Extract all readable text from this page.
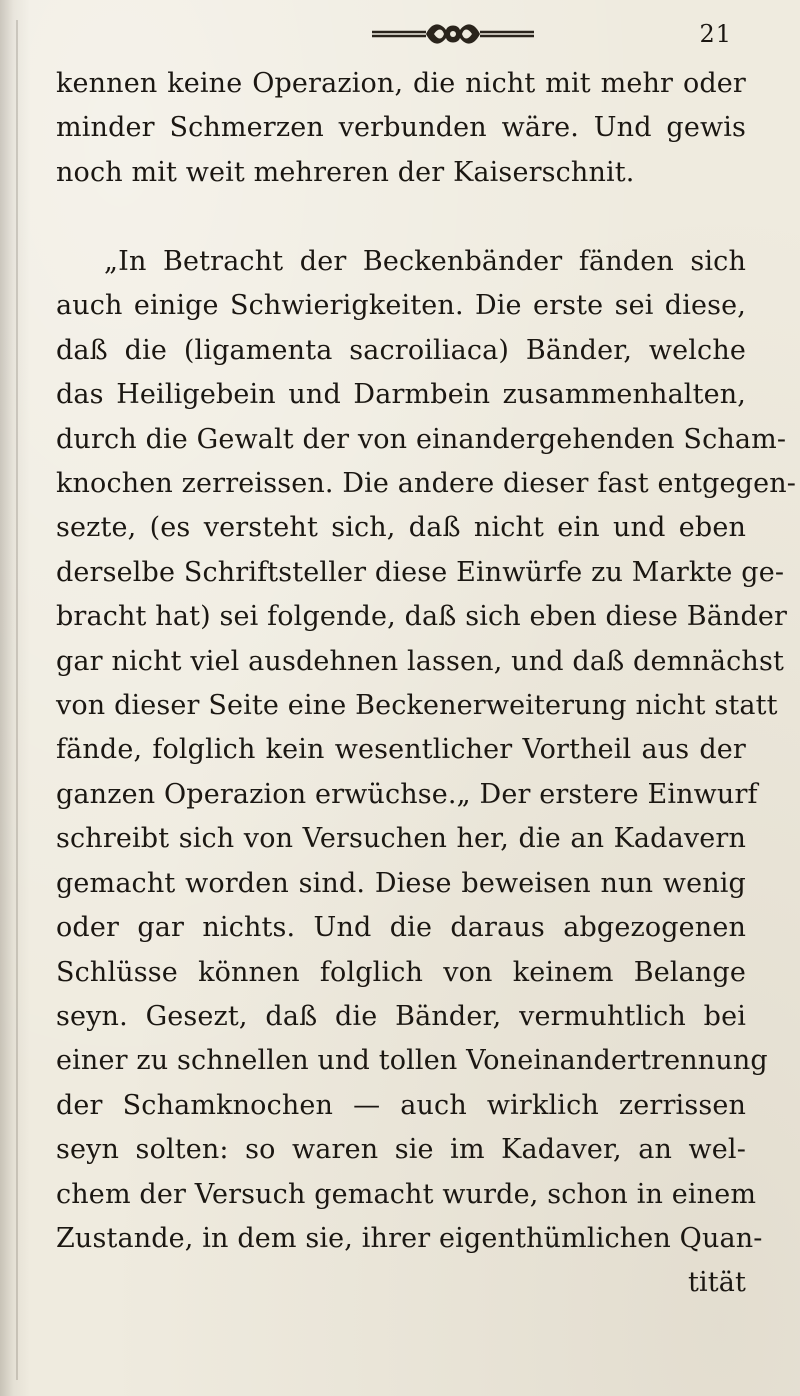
21

kennen keine Operazion, die nicht mit mehr oder
minder Schmerzen verbunden wäre. Und gewis
noch mit weit mehreren der Kaiserschnit.

„In Betracht der Beckenbänder fänden sich
auch einige Schwierigkeiten. Die erste sei diese,
daß die (ligamenta sacroiliaca) Bänder, welche
das Heiligebein und Darmbein zusammenhalten,
durch die Gewalt der von einandergehenden Scham-
knochen zerreissen. Die andere dieser fast entgegen-
sezte, (es versteht sich, daß nicht ein und eben
derselbe Schriftsteller diese Einwürfe zu Markte ge-
bracht hat) sei folgende, daß sich eben diese Bänder
gar nicht viel ausdehnen lassen, und daß demnächst
von dieser Seite eine Beckenerweiterung nicht statt
fände, folglich kein wesentlicher Vortheil aus der
ganzen Operazion erwüchse.„ Der erstere Einwurf
schreibt sich von Versuchen her, die an Kadavern
gemacht worden sind. Diese beweisen nun wenig
oder gar nichts. Und die daraus abgezogenen
Schlüsse können folglich von keinem Belange
seyn. Gesezt, daß die Bänder, vermuhtlich bei
einer zu schnellen und tollen Voneinandertrennung
der Schamknochen — auch wirklich zerrissen
seyn solten: so waren sie im Kadaver, an wel-
chem der Versuch gemacht wurde, schon in einem
Zustande, in dem sie, ihrer eigenthümlichen Quan-
tität
